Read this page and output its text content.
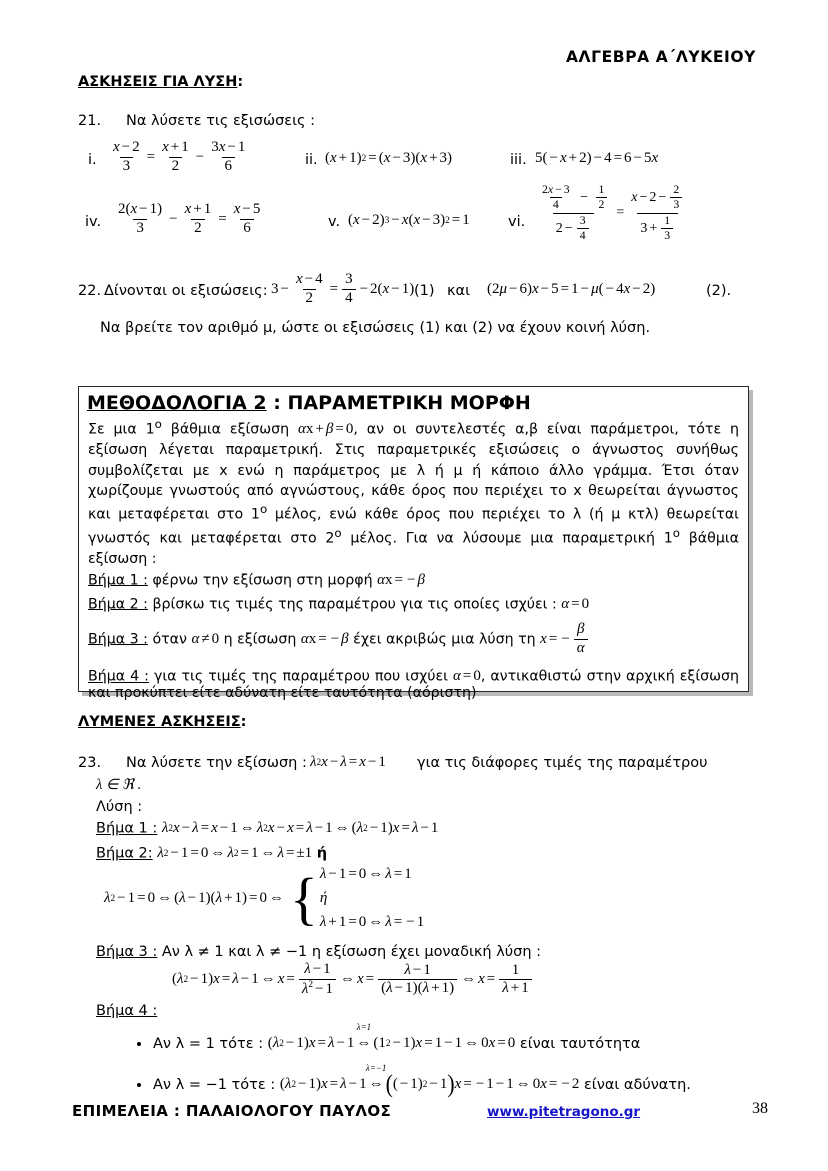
ΑΛΓΕΒΡΑ Α΄ΛΥΚΕΙΟΥ
ΑΣΚΗΣΕΙΣ ΓΙΑ ΛΥΣΗ:
21. Να λύσετε τις εξισώσεις :
i. $\frac{x - 2}{3} = \frac{x + 1}{2} - \frac{3x - 1}{6}$	ii. ( x + 1) 2 = ( x − 3)( x + 3)	iii. 5( − x + 2) − 4 = 6 − 5 x
iv. $\frac{2(x - 1)}{3} - \frac{x + 1}{2} = \frac{x - 5}{6}$	v. ( x − 2) 3 − x ( x − 3) 2 = 1	vi. $\frac{\frac{2x - 3}{4} - \frac{1}{2}}{2 - \frac{3}{4}} = \frac{x - 2 - \frac{2}{3}}{3 + \frac{1}{3}}$
22. Δίνονται οι εξισώσεις: $3 - \frac{x - 4}{2} = \frac{3}{4} - 2$( x − 1) (1) και (2 μ − 6) x − 5 = 1 − μ ( − 4 x − 2)	(2).
Να βρείτε τον αριθμό μ, ώστε οι εξισώσεις (1) και (2) να έχουν κοινή λύση.
ΜΕΘΟΔΟΛΟΓΙΑ 2 : ΠΑΡΑΜΕΤΡΙΚΗ ΜΟΡΦΗ

Σε μια $1^o$ βάθμια εξίσωση α x + β = 0 , αν οι συντελεστές α,β είναι παράμετροι, τότε η εξίσωση λέγεται παραμετρική. Στις παραμετρικές εξισώσεις ο άγνωστος συνήθως συμβολίζεται με x ενώ η παράμετρος με λ ή μ ή κάποιο άλλο γράμμα. Έτσι όταν χωρίζουμε γνωστούς από αγνώστους, κάθε όρος που περιέχει το x θεωρείται άγνωστος και μεταφέρεται στο $1^o$ μέλος, ενώ κάθε όρος που περιέχει το λ (ή μ κτλ) θεωρείται γνωστός και μεταφέρεται στο $2^o$ μέλος. Για να λύσουμε μια παραμετρική $1^o$ βάθμια εξίσωση :

Βήμα 1 : φέρνω την εξίσωση στη μορφή α x = − β
Βήμα 2 : βρίσκω τις τιμές της παραμέτρου για τις οποίες ισχύει : α = 0
Βήμα 3 : όταν α ≠ 0 η εξίσωση α x = − β έχει ακριβώς μια λύση τη x = − $\frac{\beta}{\alpha}$
Βήμα 4 : για τις τιμές της παραμέτρου που ισχύει α = 0 , αντικαθιστώ στην αρχική εξίσωση και προκύπτει είτε αδύνατη είτε ταυτότητα (αόριστη)
ΛΥΜΕΝΕΣ ΑΣΚΗΣΕΙΣ:
23. Να λύσετε την εξίσωση : λ 2 x − λ = x − 1 για τις διάφορες τιμές της παραμέτρου
λ ∈ ℜ .
Λύση :
Βήμα 1 : λ 2 x − λ = x − 1 ⇔ λ 2 x − x = λ − 1 ⇔ ( λ 2 − 1) x = λ − 1
Βήμα 2: λ 2 − 1 = 0 ⇔ λ 2 = 1 ⇔ λ = ±1 ή
λ 2 − 1 = 0 ⇔ ( λ − 1)( λ + 1) = 0 ⇔ { λ − 1 = 0 ⇔ λ = 1
ή
λ + 1 = 0 ⇔ λ = − 1
Βήμα 3 : Αν λ ≠ 1 και λ ≠ −1 η εξίσωση έχει μοναδική λύση :
( λ 2 − 1) x = λ − 1 ⇔ $x = \frac{\lambda - 1}{\lambda^2 - 1}$ ⇔ $x = \frac{\lambda - 1}{(\lambda - 1)(\lambda + 1)}$ ⇔ $x = \frac{1}{\lambda + 1}$
Βήμα 4 :
Αν λ = 1 τότε :
( λ 2 − 1) x = λ − 1
λ=1
⇔ (1 2 − 1) x = 1 − 1 ⇔ 0 x = 0
είναι ταυτότητα
Αν λ = −1 τότε :
( λ 2 − 1) x = λ − 1
λ=−1
⇔ ( ( − 1) 2 − 1 ) x = − 1 − 1 ⇔ 0 x = − 2
είναι αδύνατη.
ΕΠΙΜΕΛΕΙΑ : ΠΑΛΑΙΟΛΟΓΟΥ ΠΑΥΛΟΣ	www.pitetragono.gr	38
